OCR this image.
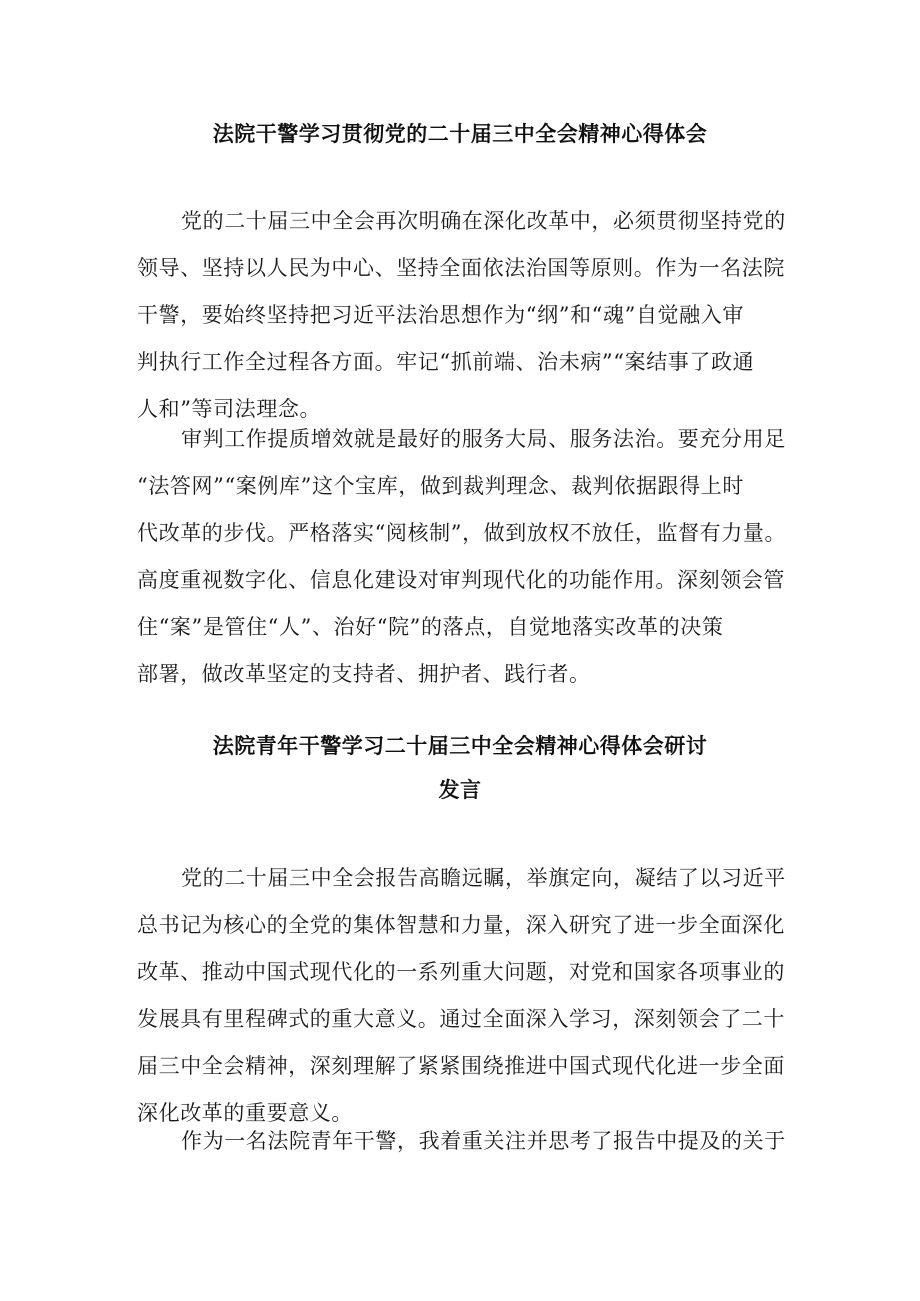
法院干警学习贯彻党的二十届三中全会精神心得体会
党的二十届三中全会再次明确在深化改革中，必须贯彻坚持党的
领导、坚持以人民为中心、坚持全面依法治国等原则。作为一名法院
干警，要始终坚持把习近平法治思想作为“纲”和“魂”自觉融入审
判执行工作全过程各方面。牢记“抓前端、治未病”“案结事了政通
人和”等司法理念。
审判工作提质增效就是最好的服务大局、服务法治。要充分用足
“法答网”“案例库”这个宝库，做到裁判理念、裁判依据跟得上时
代改革的步伐。严格落实“阅核制”，做到放权不放任，监督有力量。
高度重视数字化、信息化建设对审判现代化的功能作用。深刻领会管
住“案”是管住“人”、治好“院”的落点，自觉地落实改革的决策
部署，做改革坚定的支持者、拥护者、践行者。
法院青年干警学习二十届三中全会精神心得体会研讨
发言
党的二十届三中全会报告高瞻远瞩，举旗定向，凝结了以习近平
总书记为核心的全党的集体智慧和力量，深入研究了进一步全面深化
改革、推动中国式现代化的一系列重大问题，对党和国家各项事业的
发展具有里程碑式的重大意义。通过全面深入学习，深刻领会了二十
届三中全会精神，深刻理解了紧紧围绕推进中国式现代化进一步全面
深化改革的重要意义。
作为一名法院青年干警，我着重关注并思考了报告中提及的关于
